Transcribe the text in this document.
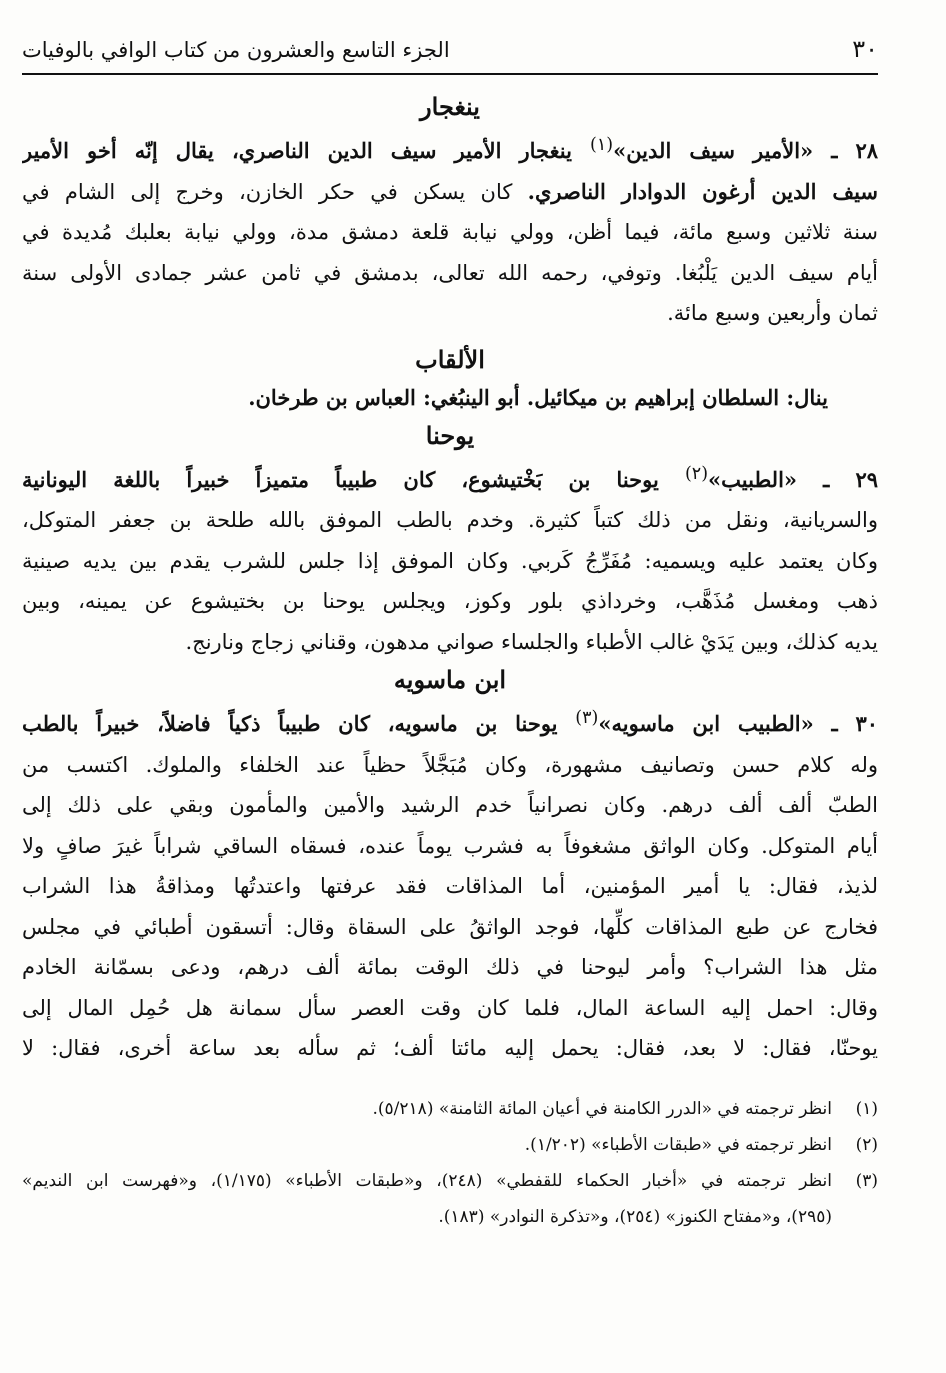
٣٠
الجزء التاسع والعشرون من كتاب الوافي بالوفيات
ينغجار
٢٨ ـ «الأمير سيف الدين»$^{(١)}$ ينغجار الأمير سيف الدين الناصري، يقال إنّه أخو الأمير
سيف الدين أرغون الدوادار الناصري. كان يسكن في حكر الخازن، وخرج إلى الشام في
سنة ثلاثين وسبع مائة، فيما أظن، وولي نيابة قلعة دمشق مدة، وولي نيابة بعلبك مُديدة في
أيام سيف الدين يَلْبُغا. وتوفي، رحمه الله تعالى، بدمشق في ثامن عشر جمادى الأولى سنة
ثمان وأربعين وسبع مائة.
الألقاب
ينال: السلطان إبراهيم بن ميكائيل. أبو الينبُغي: العباس بن طرخان.
يوحنا
٢٩ ـ «الطبيب»$^{(٢)}$ يوحنا بن بَخْتيشوع، كان طبيباً متميزاً خبيراً باللغة اليونانية
والسريانية، ونقل من ذلك كتباً كثيرة. وخدم بالطب الموفق بالله طلحة بن جعفر المتوكل،
وكان يعتمد عليه ويسميه: مُفَرِّجُ كَربي. وكان الموفق إذا جلس للشرب يقدم بين يديه صينية
ذهب ومغسل مُذَهَّب، وخرداذي بلور وكوز، ويجلس يوحنا بن بختيشوع عن يمينه، وبين
يديه كذلك، وبين يَدَيْ غالب الأطباء والجلساء صواني مدهون، وقناني زجاج ونارنج.
ابن ماسويه
٣٠ ـ «الطبيب ابن ماسويه»$^{(٣)}$ يوحنا بن ماسويه، كان طبيباً ذكياً فاضلاً، خبيراً بالطب
وله كلام حسن وتصانيف مشهورة، وكان مُبَجَّلاً حظياً عند الخلفاء والملوك. اكتسب من
الطبّ ألف ألف درهم. وكان نصرانياً خدم الرشيد والأمين والمأمون وبقي على ذلك إلى
أيام المتوكل. وكان الواثق مشغوفاً به فشرب يوماً عنده، فسقاه الساقي شراباً غيرَ صافٍ ولا
لذيذ، فقال: يا أمير المؤمنين، أما المذاقات فقد عرفتها واعتدتُها ومذاقةُ هذا الشراب
فخارج عن طبع المذاقات كلِّها، فوجد الواثقُ على السقاة وقال: أتسقون أطبائي في مجلس
مثل هذا الشراب؟ وأمر ليوحنا في ذلك الوقت بمائة ألف درهم، ودعى بسمّانة الخادم
وقال: احمل إليه الساعة المال، فلما كان وقت العصر سأل سمانة هل حُمِل المال إلى
يوحنّا، فقال: لا بعد، فقال: يحمل إليه مائتا ألف؛ ثم سأله بعد ساعة أخرى، فقال: لا
(١)
انظر ترجمته في «الدرر الكامنة في أعيان المائة الثامنة» (٥/٢١٨).
(٢)
انظر ترجمته في «طبقات الأطباء» (١/٢٠٢).
(٣)
انظر ترجمته في «أخبار الحكماء للقفطي» (٢٤٨)، و«طبقات الأطباء» (١/١٧٥)، و«فهرست ابن النديم»
(٢٩٥)، و«مفتاح الكنوز» (٢٥٤)، و«تذكرة النوادر» (١٨٣).
